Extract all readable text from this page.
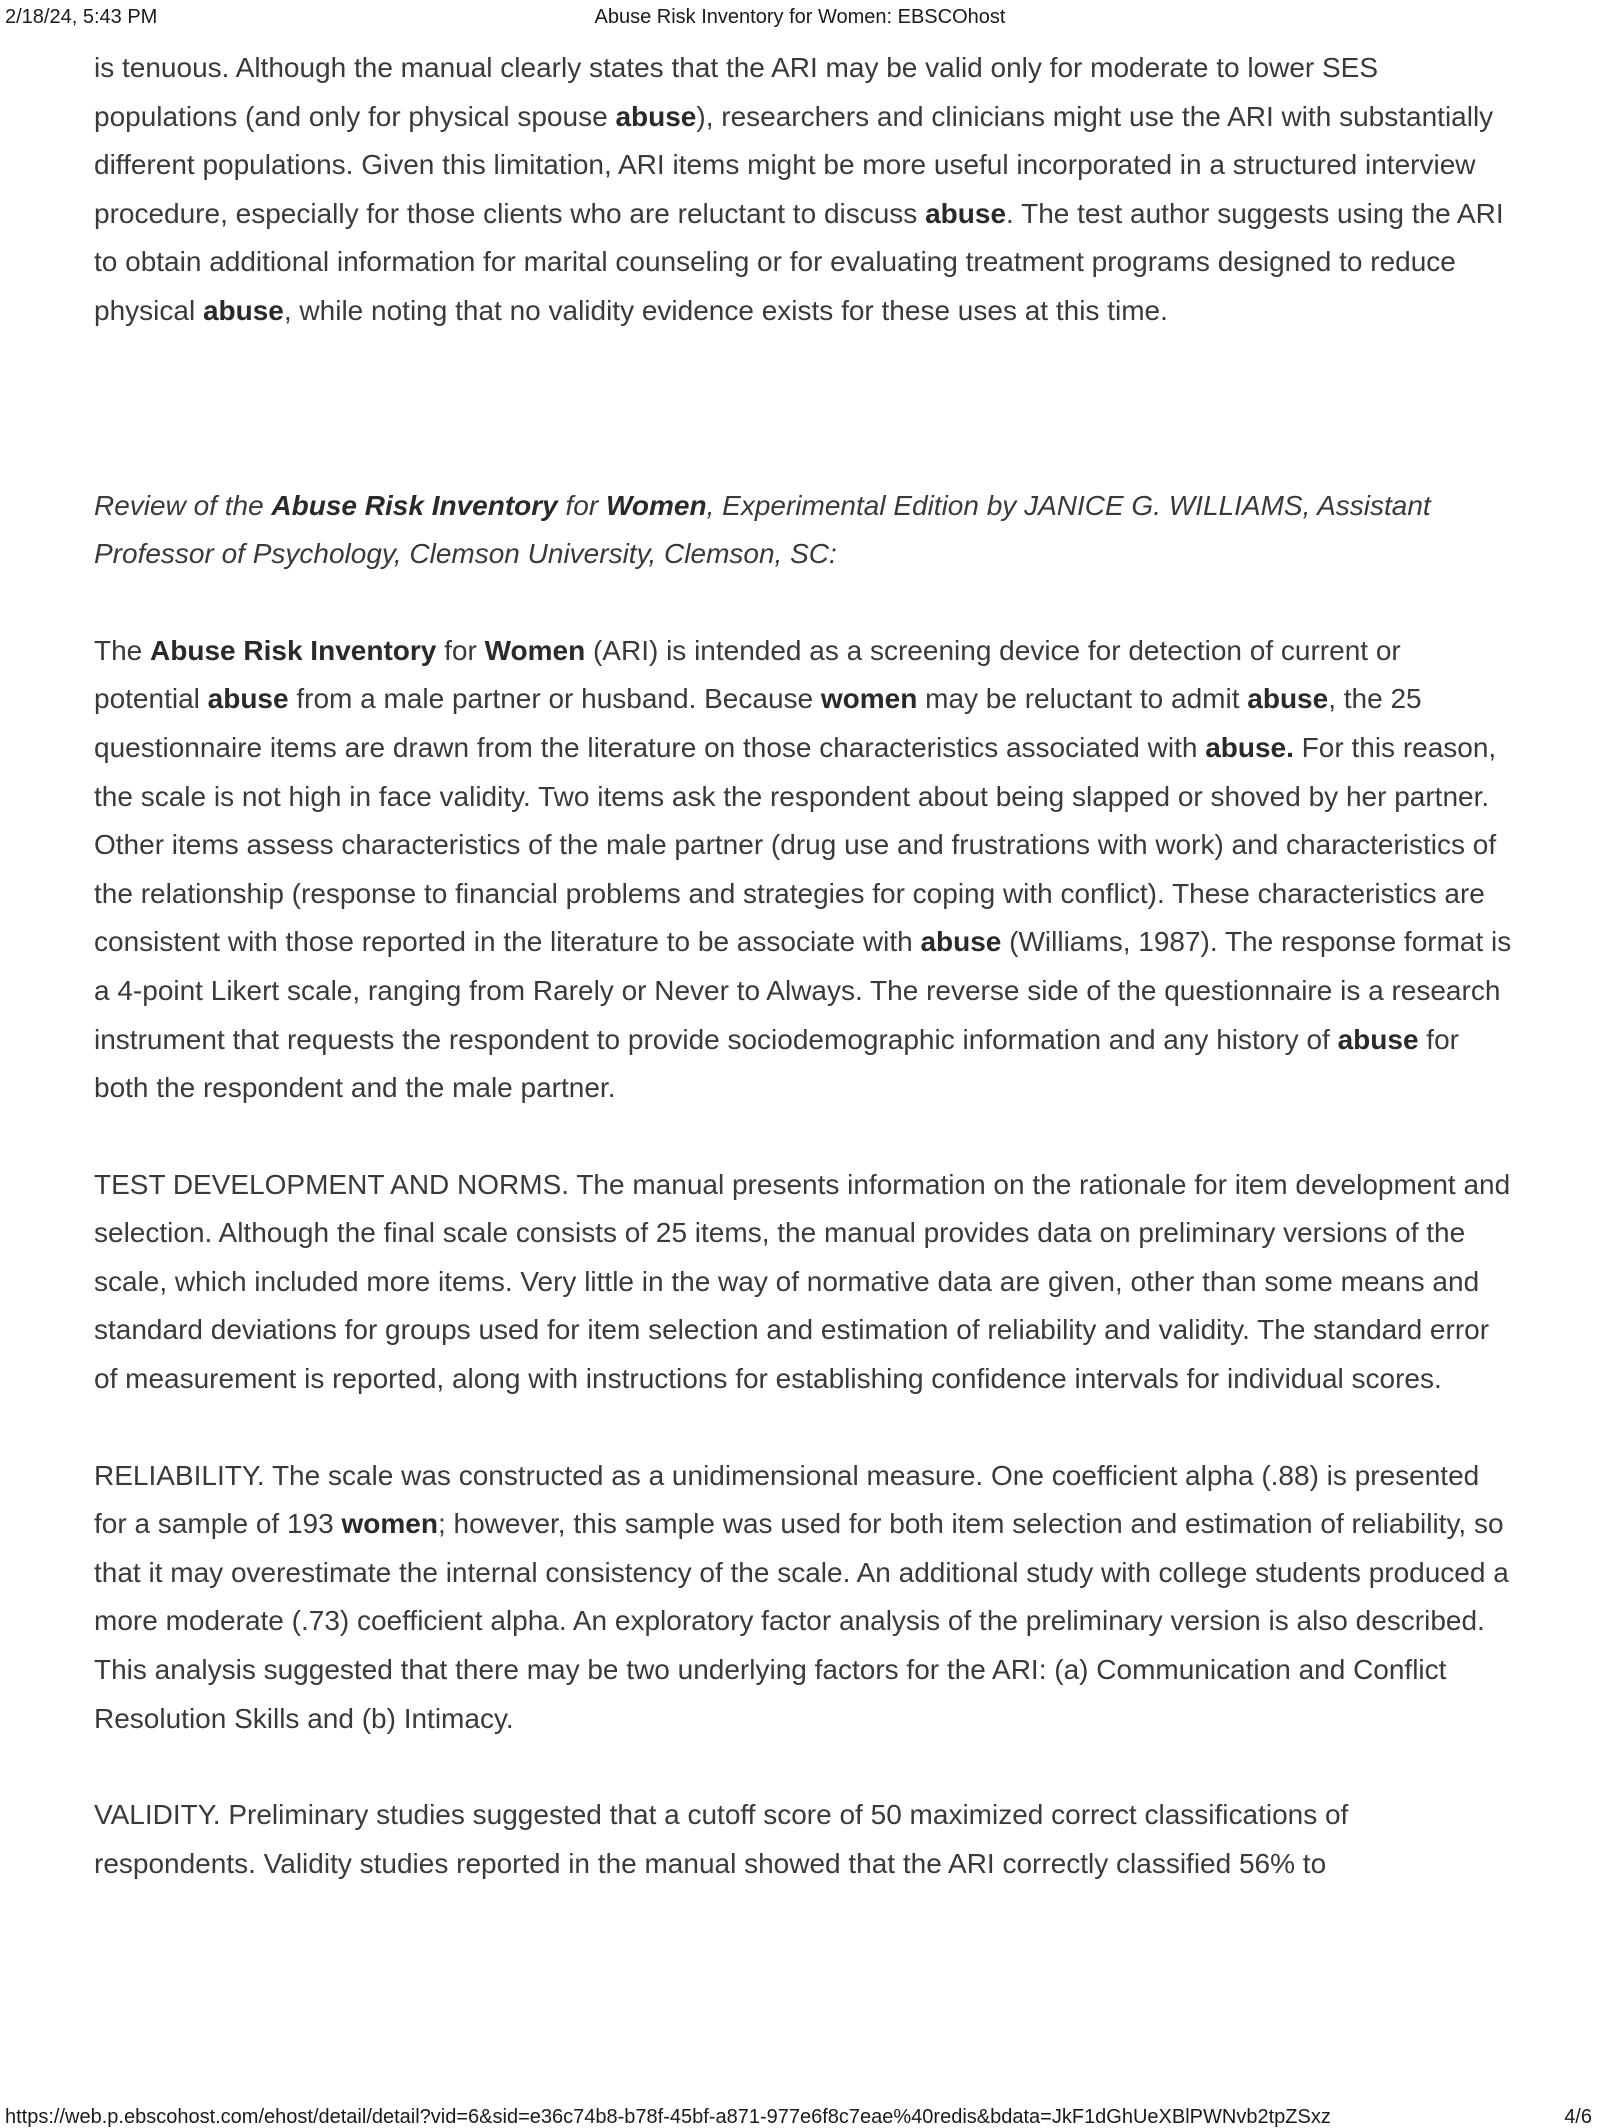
2/18/24, 5:43 PM	Abuse Risk Inventory for Women: EBSCOhost

is tenuous. Although the manual clearly states that the ARI may be valid only for moderate to lower SES populations (and only for physical spouse abuse), researchers and clinicians might use the ARI with substantially different populations. Given this limitation, ARI items might be more useful incorporated in a structured interview procedure, especially for those clients who are reluctant to discuss abuse. The test author suggests using the ARI to obtain additional information for marital counseling or for evaluating treatment programs designed to reduce physical abuse, while noting that no validity evidence exists for these uses at this time.

Review of the Abuse Risk Inventory for Women, Experimental Edition by JANICE G. WILLIAMS, Assistant Professor of Psychology, Clemson University, Clemson, SC:

The Abuse Risk Inventory for Women (ARI) is intended as a screening device for detection of current or potential abuse from a male partner or husband. Because women may be reluctant to admit abuse, the 25 questionnaire items are drawn from the literature on those characteristics associated with abuse. For this reason, the scale is not high in face validity. Two items ask the respondent about being slapped or shoved by her partner. Other items assess characteristics of the male partner (drug use and frustrations with work) and characteristics of the relationship (response to financial problems and strategies for coping with conflict). These characteristics are consistent with those reported in the literature to be associate with abuse (Williams, 1987). The response format is a 4-point Likert scale, ranging from Rarely or Never to Always. The reverse side of the questionnaire is a research instrument that requests the respondent to provide sociodemographic information and any history of abuse for both the respondent and the male partner.

TEST DEVELOPMENT AND NORMS. The manual presents information on the rationale for item development and selection. Although the final scale consists of 25 items, the manual provides data on preliminary versions of the scale, which included more items. Very little in the way of normative data are given, other than some means and standard deviations for groups used for item selection and estimation of reliability and validity. The standard error of measurement is reported, along with instructions for establishing confidence intervals for individual scores.

RELIABILITY. The scale was constructed as a unidimensional measure. One coefficient alpha (.88) is presented for a sample of 193 women; however, this sample was used for both item selection and estimation of reliability, so that it may overestimate the internal consistency of the scale. An additional study with college students produced a more moderate (.73) coefficient alpha. An exploratory factor analysis of the preliminary version is also described. This analysis suggested that there may be two underlying factors for the ARI: (a) Communication and Conflict Resolution Skills and (b) Intimacy.

VALIDITY. Preliminary studies suggested that a cutoff score of 50 maximized correct classifications of respondents. Validity studies reported in the manual showed that the ARI correctly classified 56% to

https://web.p.ebscohost.com/ehost/detail/detail?vid=6&sid=e36c74b8-b78f-45bf-a871-977e6f8c7eae%40redis&bdata=JkF1dGhUeXBlPWNvb2tpZSxz	4/6
